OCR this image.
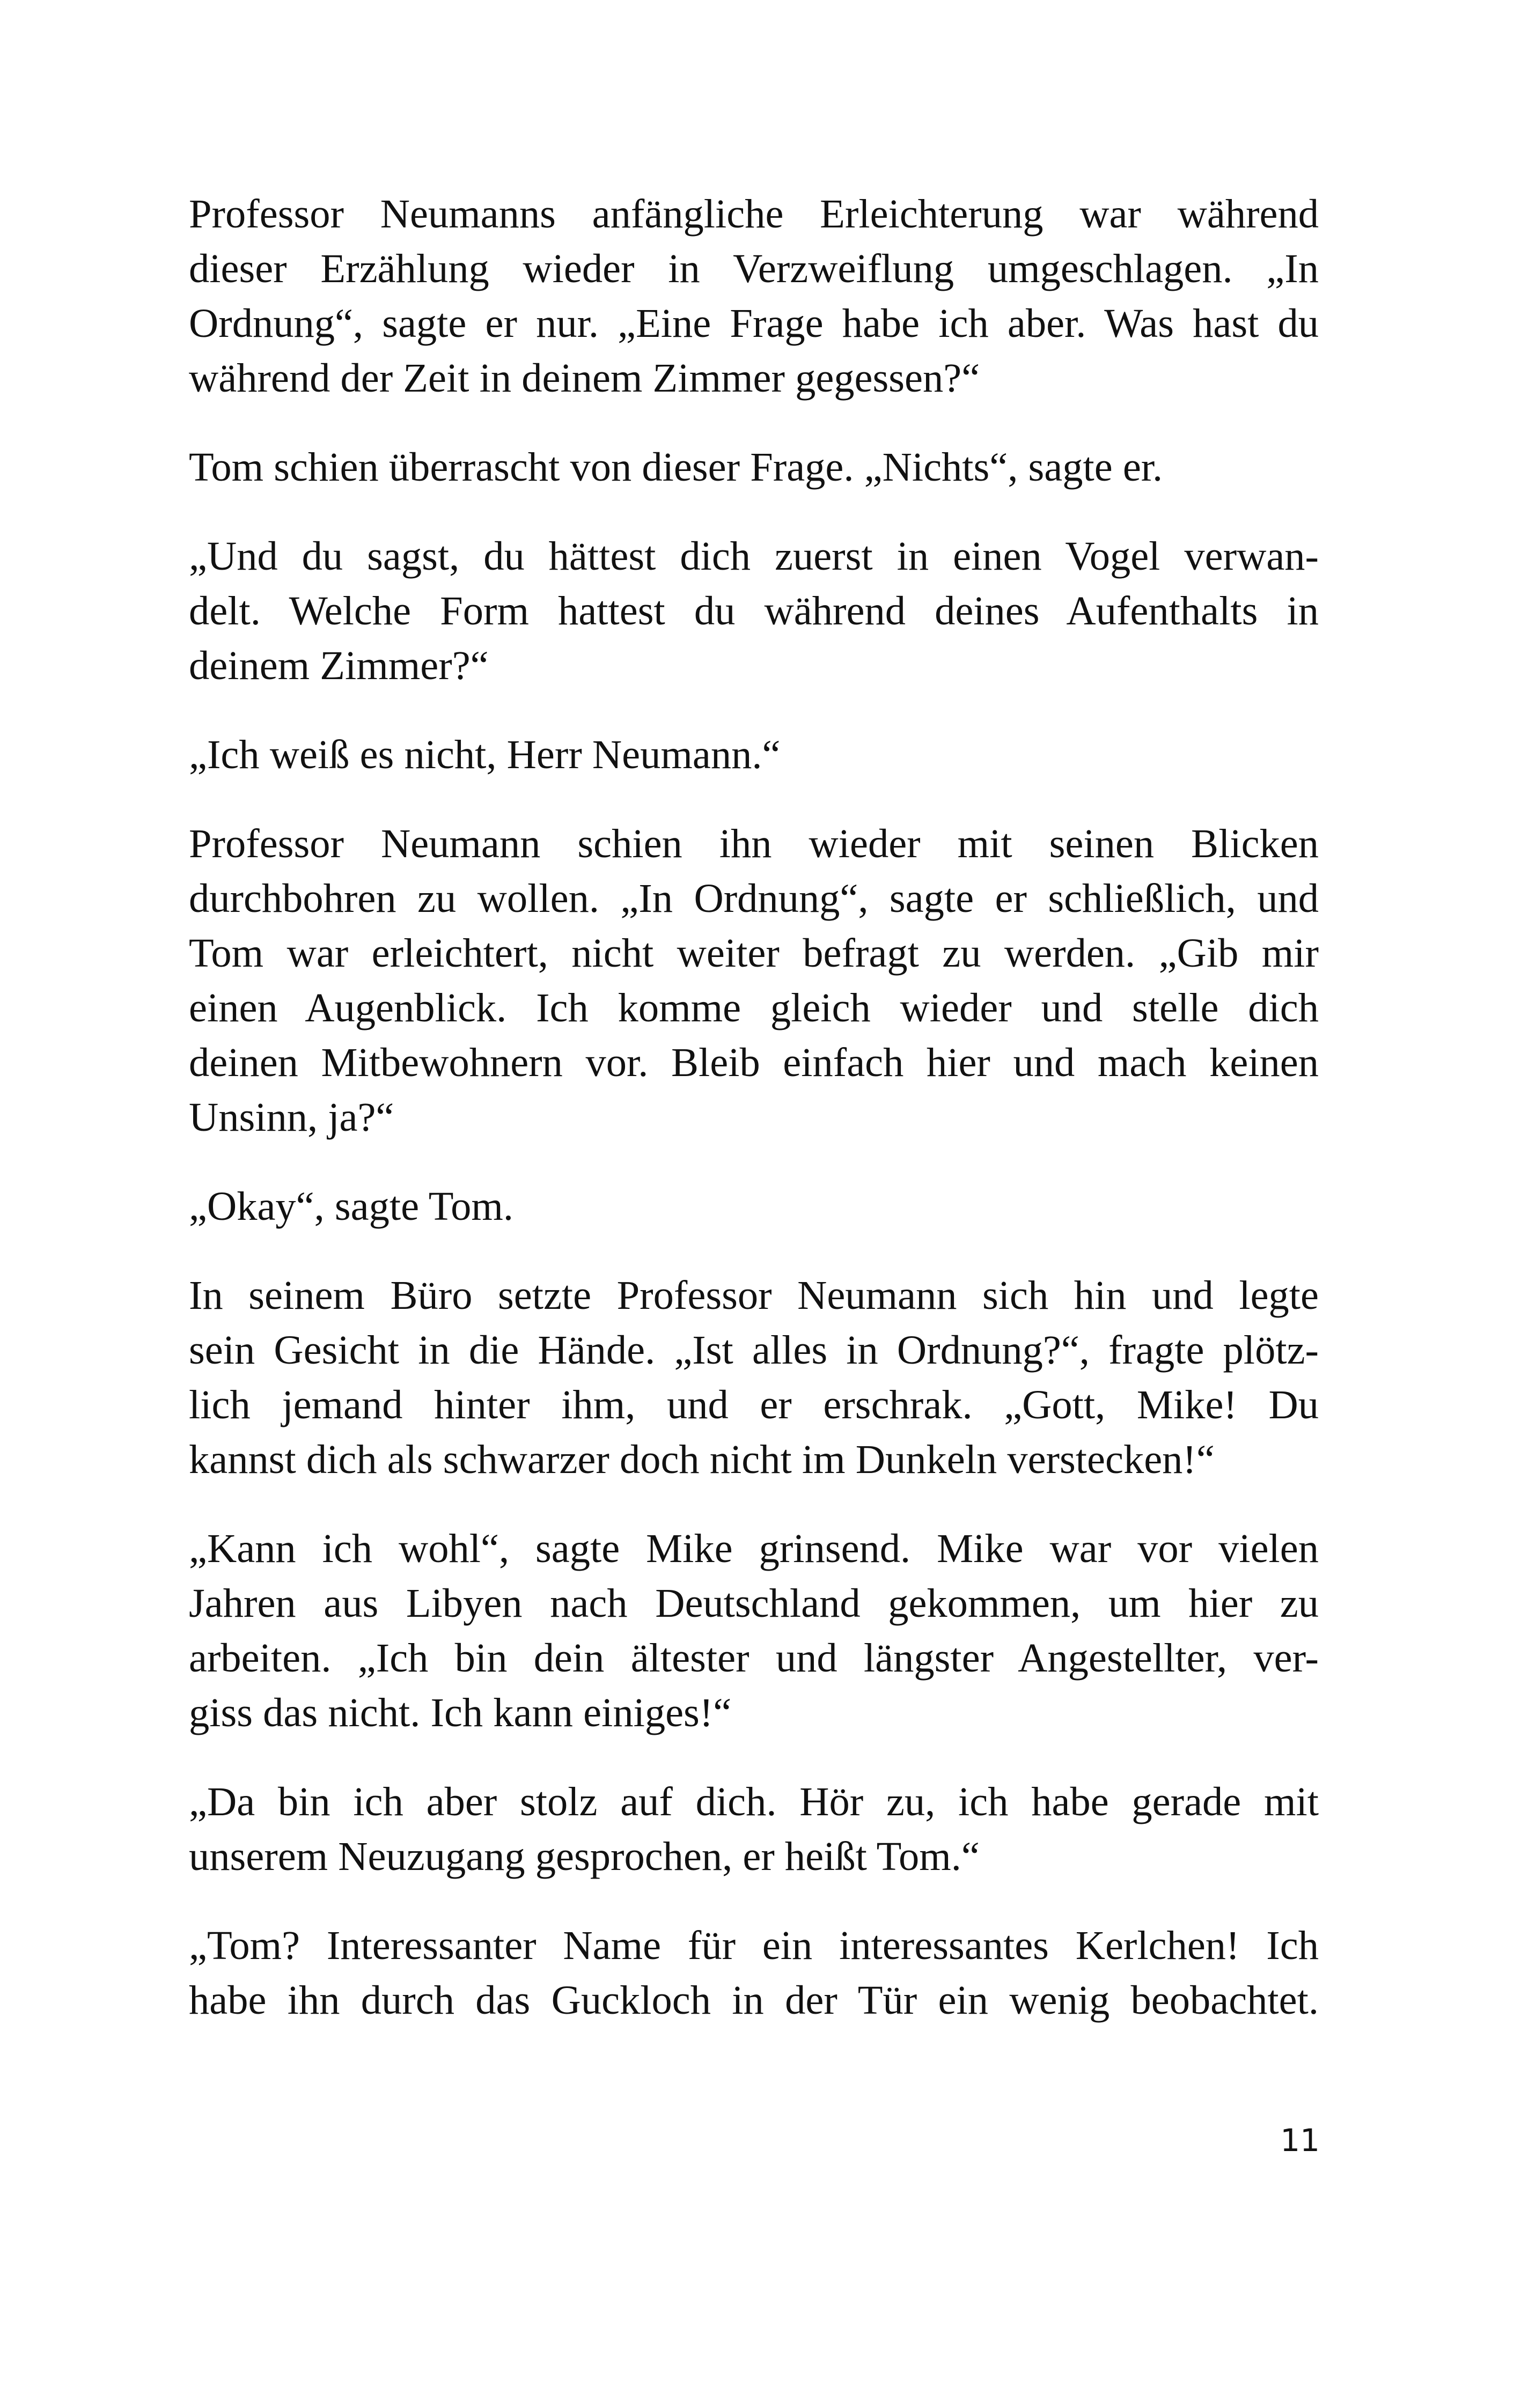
Professor Neumanns anfängliche Erleichterung war während
dieser Erzählung wieder in Verzweiflung umgeschlagen. „In
Ordnung“, sagte er nur. „Eine Frage habe ich aber. Was hast du
während der Zeit in deinem Zimmer gegessen?“

Tom schien überrascht von dieser Frage. „Nichts“, sagte er.

„Und du sagst, du hättest dich zuerst in einen Vogel verwan-
delt. Welche Form hattest du während deines Aufenthalts in
deinem Zimmer?“

„Ich weiß es nicht, Herr Neumann.“

Professor Neumann schien ihn wieder mit seinen Blicken
durchbohren zu wollen. „In Ordnung“, sagte er schließlich, und
Tom war erleichtert, nicht weiter befragt zu werden. „Gib mir
einen Augenblick. Ich komme gleich wieder und stelle dich
deinen Mitbewohnern vor. Bleib einfach hier und mach keinen
Unsinn, ja?“

„Okay“, sagte Tom.

In seinem Büro setzte Professor Neumann sich hin und legte
sein Gesicht in die Hände. „Ist alles in Ordnung?“, fragte plötz-
lich jemand hinter ihm, und er erschrak. „Gott, Mike! Du
kannst dich als schwarzer doch nicht im Dunkeln verstecken!“

„Kann ich wohl“, sagte Mike grinsend. Mike war vor vielen
Jahren aus Libyen nach Deutschland gekommen, um hier zu
arbeiten. „Ich bin dein ältester und längster Angestellter, ver-
giss das nicht. Ich kann einiges!“

„Da bin ich aber stolz auf dich. Hör zu, ich habe gerade mit
unserem Neuzugang gesprochen, er heißt Tom.“

„Tom? Interessanter Name für ein interessantes Kerlchen! Ich
habe ihn durch das Guckloch in der Tür ein wenig beobachtet.

11
